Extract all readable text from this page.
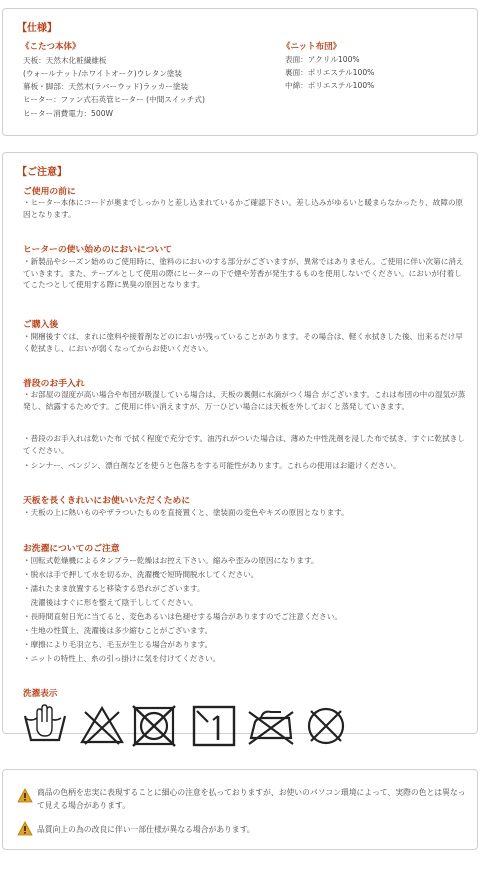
【仕様】
《こたつ本体》
天板：天然木化粧繊維板
(ウォールナット/ホワイトオーク)ウレタン塗装
幕板・脚部：天然木(ラバーウッド)ラッカー塗装
ヒーター：ファン式石英管ヒーター (中間スイッチ式)
ヒーター消費電力：500W
《ニット布団》
表面：アクリル100%
裏面：ポリエステル100%
中綿：ポリエステル100%
【ご注意】
ご使用の前に
・ヒーター本体にコードが奥までしっかりと差し込まれているかご確認下さい。差し込みがゆるいと暖まらなかったり、故障の原因となります。
ヒーターの使い始めのにおいについて
・新製品やシーズン始めのご使用時に、塗料のにおいのする部分がございますが、異常ではありません。ご使用に伴い次第に消えていきます。また、テーブルとして使用の際にヒーターの下で煙や芳香が発生するものを使用しないでください。においが付着してこたつとして使用する際に異臭の原因となります。
ご購入後
・開梱後すぐは、まれに塗料や接着剤などのにおいが残っていることがあります。その場合は、軽く水拭きした後、出来るだけ早く乾拭きし、においが弱くなってからお使いください。
普段のお手入れ
・お部屋の湿度が高い場合や布団が吸湿している場合は、天板の裏側に水滴がつく場合 がございます。これは布団の中の湿気が蒸発し、結露するためです。ご使用に伴い消えますが、万一ひどい場合には天板を外しておくと蒸発していきます。
・普段のお手入れは乾いた布 で拭く程度で充分です。油汚れがついた場合は、薄めた中性洗剤を浸した布で拭き、すぐに乾拭きしてください。
・シンナー、ベンジン、漂白剤などを使うと色落ちをする可能性があります。これらの使用はお避けください。
天板を長くきれいにお使いいただくために
・天板の上に熱いものやザラついたものを直接置くと、塗装面の変色やキズの原因となります。
お洗濯についてのご注意
・回転式乾燥機によるタンブラー乾燥はお控え下さい。縮みや歪みの原因になります。
・脱水は手で押して水を切るか、洗濯機で短時間脱水してください。
・濡れたまま放置すると移染する恐れがございます。
　洗濯後はすぐに形を整えて陰干ししてください。
・長時間直射日光に当てると、変色あるいは色褪せする場合がありますのでご注意ください。
・生地の性質上、洗濯後は多少縮むことがございます。
・摩擦により毛羽立ち、毛玉が生じる場合があります。
・ニットの特性上、糸の引っ掛けに気を付けてください。
洗濯表示
商品の色柄を忠実に表現することに細心の注意を払っておりますが、お使いのパソコン環境によって、実際の色とは異なって見える場合があります。
品質向上の為の改良に伴い一部仕様が異なる場合があります。
